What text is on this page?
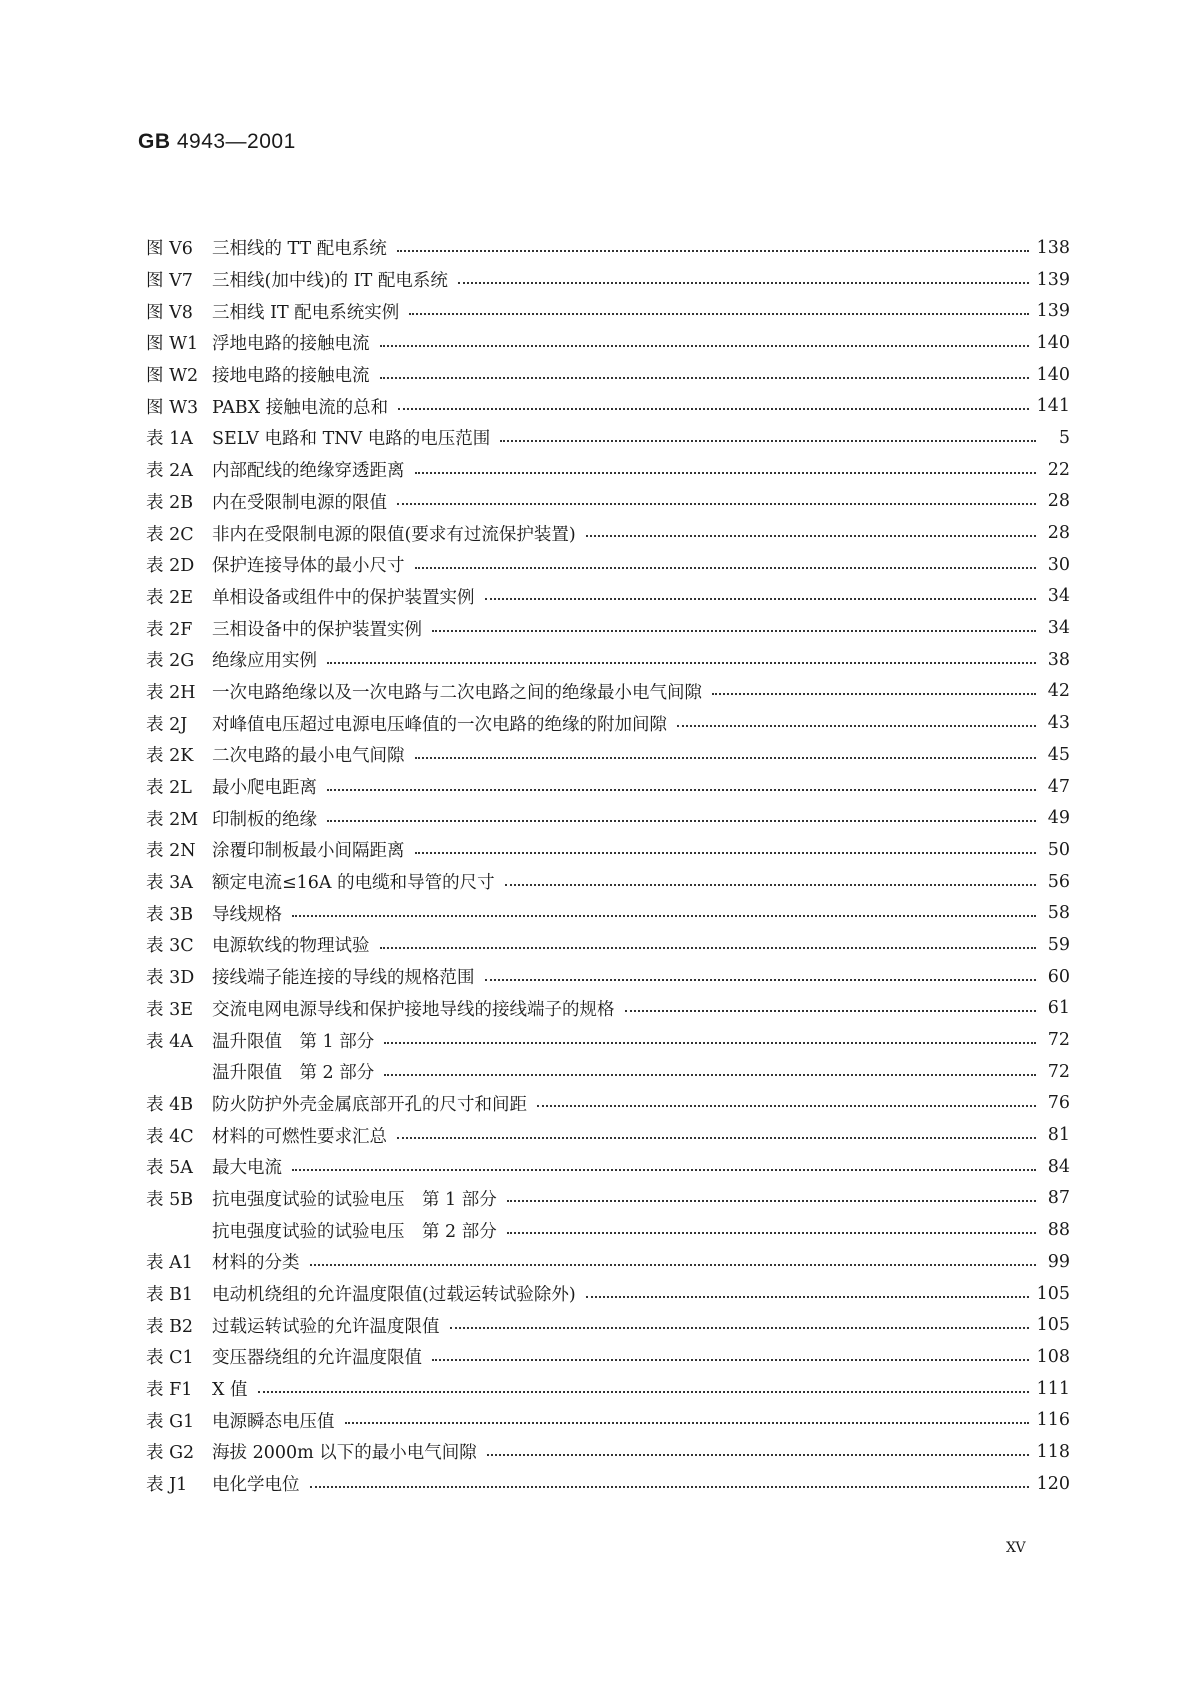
GB 4943—2001
图 V6	三相线的 TT 配电系统	138
图 V7	三相线(加中线)的 IT 配电系统	139
图 V8	三相线 IT 配电系统实例	139
图 W1 浮地电路的接触电流	140
图 W2 接地电路的接触电流	140
图 W3 PABX 接触电流的总和	141
表 1A	SELV 电路和 TNV 电路的电压范围	5
表 2A	内部配线的绝缘穿透距离	22
表 2B	内在受限制电源的限值	28
表 2C	非内在受限制电源的限值(要求有过流保护装置)	28
表 2D	保护连接导体的最小尺寸	30
表 2E	单相设备或组件中的保护装置实例	34
表 2F	三相设备中的保护装置实例	34
表 2G	绝缘应用实例	38
表 2H 一次电路绝缘以及一次电路与二次电路之间的绝缘最小电气间隙	42
表 2J	对峰值电压超过电源电压峰值的一次电路的绝缘的附加间隙	43
表 2K	二次电路的最小电气间隙	45
表 2L	最小爬电距离	47
表 2M 印制板的绝缘	49
表 2N 涂覆印制板最小间隔距离	50
表 3A	额定电流≤16A 的电缆和导管的尺寸	56
表 3B	导线规格	58
表 3C	电源软线的物理试验	59
表 3D	接线端子能连接的导线的规格范围	60
表 3E	交流电网电源导线和保护接地导线的接线端子的规格	61
表 4A	温升限值　第 1 部分	72
温升限值　第 2 部分	72
表 4B	防火防护外壳金属底部开孔的尺寸和间距	76
表 4C	材料的可燃性要求汇总	81
表 5A	最大电流	84
表 5B	抗电强度试验的试验电压　第 1 部分	87
抗电强度试验的试验电压　第 2 部分	88
表 A1	材料的分类	99
表 B1	电动机绕组的允许温度限值(过载运转试验除外)	105
表 B2	过载运转试验的允许温度限值	105
表 C1	变压器绕组的允许温度限值	108
表 F1	X 值	111
表 G1	电源瞬态电压值	116
表 G2	海拔 2000m 以下的最小电气间隙	118
表 J1	电化学电位	120
XV
